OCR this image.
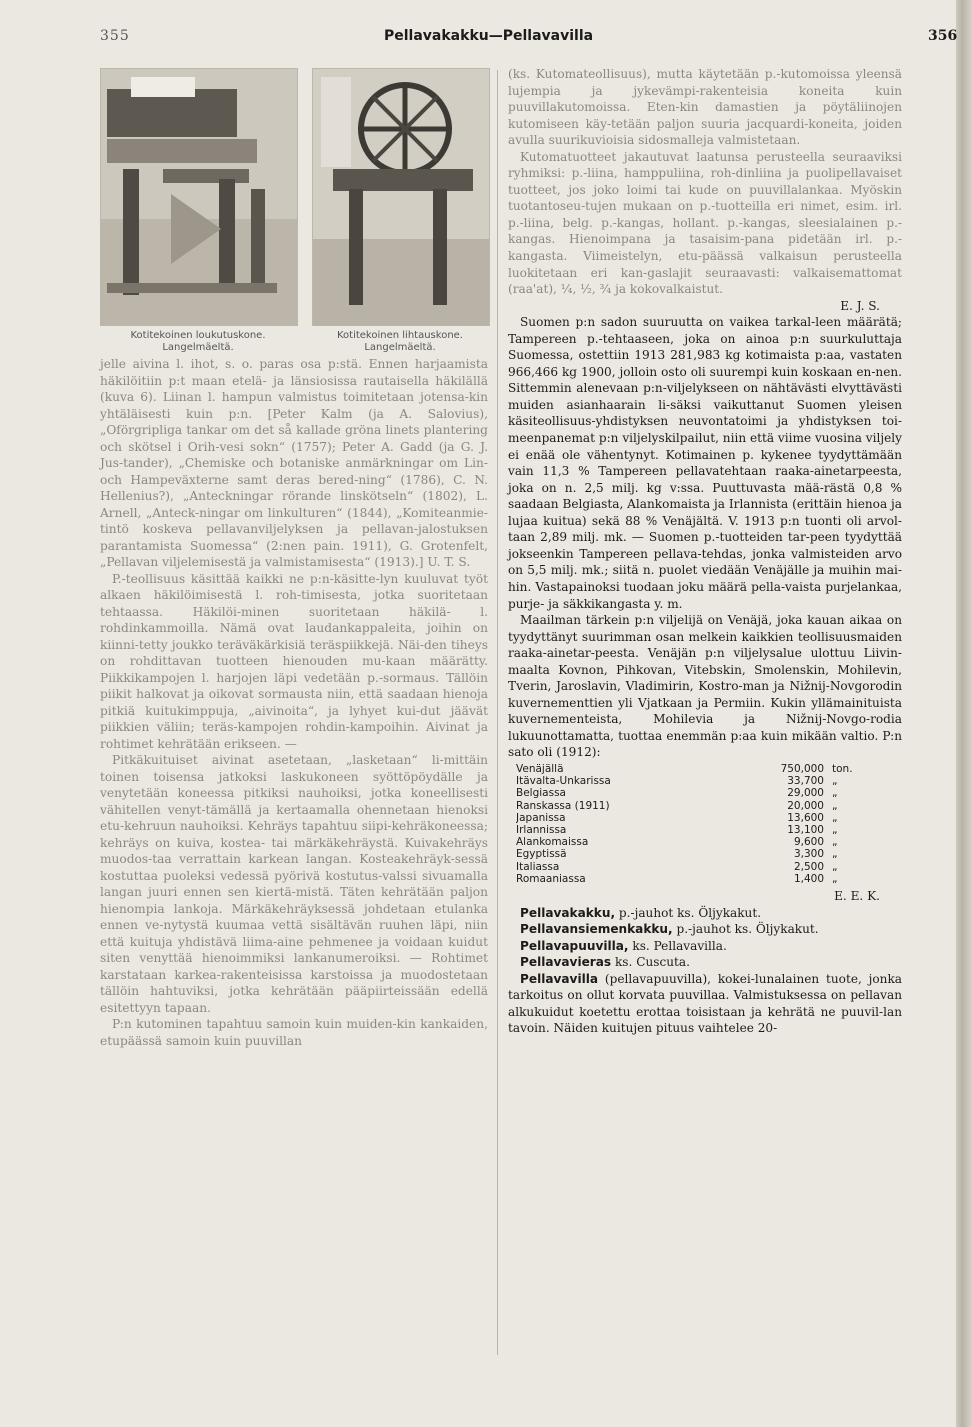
355	Pellavakakku—Pellavavilla	356
Kotitekoinen loukutuskone.
Langelmäeltä.
Kotitekoinen lihtauskone.
Langelmäeltä.

jelle aivina l. ihot, s. o. paras osa p:stä. Ennen harjaamista häkilöitiin p:t maan etelä- ja länsiosissa rautaisella häkilällä (kuva 6). Liinan l. hampun valmistus toimitetaan jotensa-kin yhtäläisesti kuin p:n. [Peter Kalm (ja A. Salovius), „Oförgripliga tankar om det så kallade gröna linets plantering och skötsel i Orih-vesi sokn“ (1757); Peter A. Gadd (ja G. J. Jus-tander), „Chemiske och botaniske anmärkningar om Lin- och Hampeväxterne samt deras bered-ning“ (1786), C. N. Hellenius?), „Anteckningar rörande linskötseln“ (1802), L. Arnell, „Anteck-ningar om linkulturen“ (1844), „Komiteanmie-tintö koskeva pellavanviljelyksen ja pellavan-jalostuksen parantamista Suomessa“ (2:nen pain. 1911), G. Grotenfelt, „Pellavan viljelemisestä ja valmistamisesta“ (1913).] U. T. S.

P.-teollisuus käsittää kaikki ne p:n-käsitte-lyn kuuluvat työt alkaen häkilöimisestä l. roh-timisesta, jotka suoritetaan tehtaassa. Häkilöi-minen suoritetaan häkilä- l. rohdinkammoilla. Nämä ovat laudankappaleita, joihin on kiinni-tetty joukko teräväkärkisiä teräspiikkejä. Näi-den tiheys on rohdittavan tuotteen hienouden mu-kaan määrätty. Piikkikampojen l. harjojen läpi vedetään p.-sormaus. Tällöin piikit halkovat ja oikovat sormausta niin, että saadaan hienoja pitkiä kuitukimppuja, „aivinoita“, ja lyhyet kui-dut jäävät piikkien väliin; teräs-kampojen rohdin-kampoihin. Aivinat ja rohtimet kehrätään erikseen. —

Pitkäkuituiset aivinat asetetaan, „lasketaan“ li-mittäin toinen toisensa jatkoksi laskukoneen syöttöpöydälle ja venytetään koneessa pitkiksi nauhoiksi, jotka koneellisesti vähitellen venyt-tämällä ja kertaamalla ohennetaan hienoksi etu-kehruun nauhoiksi. Kehräys tapahtuu siipi-kehräkoneessa; kehräys on kuiva, kostea- tai märkäkehräystä. Kuivakehräys muodos-taa verrattain karkean langan. Kosteakehräyk-sessä kostuttaa puoleksi vedessä pyörivä kostutus-valssi sivuamalla langan juuri ennen sen kiertä-mistä. Täten kehrätään paljon hienompia lankoja. Märkäkehräyksessä johdetaan etulanka ennen ve-nytystä kuumaa vettä sisältävän ruuhen läpi, niin että kuituja yhdistävä liima-aine pehmenee ja voidaan kuidut siten venyttää hienoimmiksi lankanumeroiksi. — Rohtimet karstataan karkea-rakenteisissa karstoissa ja muodostetaan tällöin hahtuviksi, jotka kehrätään pääpiirteissään edellä esitettyyn tapaan.

P:n kutominen tapahtuu samoin kuin muiden-kin kankaiden, etupäässä samoin kuin puuvillan

(ks. Kutomateollisuus), mutta käytetään p.-kutomoissa yleensä lujempia ja jykevämpi-rakenteisia koneita kuin puuvillakutomoissa. Eten-kin damastien ja pöytäliinojen kutomiseen käy-tetään paljon suuria jacquardi-koneita, joiden avulla suurikuvioisia sidosmalleja valmistetaan.

Kutomatuotteet jakautuvat laatunsa perusteella seuraaviksi ryhmiksi: p.-liina, hamppuliina, roh-dinliina ja puolipellavaiset tuotteet, jos joko loimi tai kude on puuvillalankaa. Myöskin tuotantoseu-tujen mukaan on p.-tuotteilla eri nimet, esim. irl. p.-liina, belg. p.-kangas, hollant. p.-kangas, sleesialainen p.-kangas. Hienoimpana ja tasaisim-pana pidetään irl. p.-kangasta. Viimeistelyn, etu-päässä valkaisun perusteella luokitetaan eri kan-gaslajit seuraavasti: valkaisemattomat (raa'at), ¼, ½, ¾ ja kokovalkaistut.

E. J. S.

Suomen p:n sadon suuruutta on vaikea tarkal-leen määrätä; Tampereen p.-tehtaaseen, joka on ainoa p:n suurkuluttaja Suomessa, ostettiin 1913 281,983 kg kotimaista p:aa, vastaten 966,466 kg 1900, jolloin osto oli suurempi kuin koskaan en-nen. Sittemmin alenevaan p:n-viljelykseen on nähtävästi elvyttävästi muiden asianhaarain li-säksi vaikuttanut Suomen yleisen käsiteollisuus-yhdistyksen neuvontatoimi ja yhdistyksen toi-meenpanemat p:n viljelyskilpailut, niin että viime vuosina viljely ei enää ole vähentynyt. Kotimainen p. kykenee tyydyttämään vain 11,3 % Tampereen pellavatehtaan raaka-ainetarpeesta, joka on n. 2,5 milj. kg v:ssa. Puuttuvasta mää-rästä 0,8 % saadaan Belgiasta, Alankomaista ja Irlannista (erittäin hienoa ja lujaa kuitua) sekä 88 % Venäjältä. V. 1913 p:n tuonti oli arvol-taan 2,89 milj. mk. — Suomen p.-tuotteiden tar-peen tyydyttää jokseenkin Tampereen pellava-tehdas, jonka valmisteiden arvo on 5,5 milj. mk.; siitä n. puolet viedään Venäjälle ja muihin mai-hin. Vastapainoksi tuodaan joku määrä pella-vaista purjelankaa, purje- ja säkkikangasta y. m.

Maailman tärkein p:n viljelijä on Venäjä, joka kauan aikaa on tyydyttänyt suurimman osan melkein kaikkien teollisuusmaiden raaka-ainetar-peesta. Venäjän p:n viljelysalue ulottuu Liivin-maalta Kovnon, Pihkovan, Vitebskin, Smolenskin, Mohilevin, Tverin, Jaroslavin, Vladimirin, Kostro-man ja Nižnij-Novgorodin kuvernementtien yli Vjatkaan ja Permiin. Kukin yllämainituista kuvernementeista, Mohilevia ja Nižnij-Novgo-rodia lukuunottamatta, tuottaa enemmän p:aa kuin mikään valtio. P:n sato oli (1912):

Venäjällä	750,000	ton.
Itävalta-Unkarissa	33,700	„
Belgiassa	29,000	„
Ranskassa (1911)	20,000	„
Japanissa	13,600	„
Irlannissa	13,100	„
Alankomaissa	9,600	„
Egyptissä	3,300	„
Italiassa	2,500	„
Romaaniassa	1,400	„
E. E. K.

Pellavakakku, p.-jauhot ks. Öljykakut.

Pellavansiemenkakku, p.-jauhot ks. Öljykakut.

Pellavapuuvilla, ks. Pellavavilla.

Pellavavieras ks. Cuscuta.

Pellavavilla (pellavapuuvilla), kokei-lunalainen tuote, jonka tarkoitus on ollut korvata puuvillaa. Valmistuksessa on pellavan alkukuidut koetettu erottaa toisistaan ja kehrätä ne puuvil-lan tavoin. Näiden kuitujen pituus vaihtelee 20-
